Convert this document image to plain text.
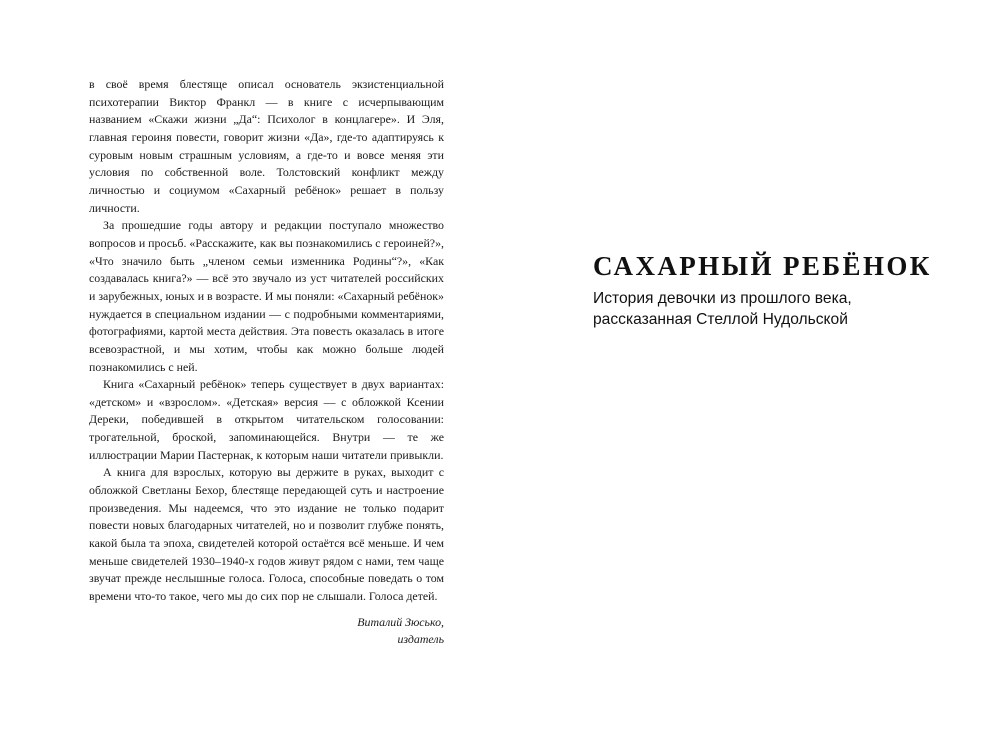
в своё время блестяще описал основатель экзистенциальной психотерапии Виктор Франкл — в книге с исчерпывающим названием «Скажи жизни „Да“: Психолог в концлагере». И Эля, главная героиня повести, говорит жизни «Да», где-то адаптируясь к суровым новым страшным условиям, а где-то и вовсе меняя эти условия по собственной воле. Толстовский конфликт между личностью и социумом «Сахарный ребёнок» решает в пользу личности.

За прошедшие годы автору и редакции поступало множество вопросов и просьб. «Расскажите, как вы познакомились с героиней?», «Что значило быть „членом семьи изменника Родины“?», «Как создавалась книга?» — всё это звучало из уст читателей российских и зарубежных, юных и в возрасте. И мы поняли: «Сахарный ребёнок» нуждается в специальном издании — с подробными комментариями, фотографиями, картой места действия. Эта повесть оказалась в итоге всевозрастной, и мы хотим, чтобы как можно больше людей познакомились с ней.

Книга «Сахарный ребёнок» теперь существует в двух вариантах: «детском» и «взрослом». «Детская» версия — с обложкой Ксении Дереки, победившей в открытом читательском голосовании: трогательной, броской, запоминающейся. Внутри — те же иллюстрации Марии Пастернак, к которым наши читатели привыкли.

А книга для взрослых, которую вы держите в руках, выходит с обложкой Светланы Бехор, блестяще передающей суть и настроение произведения. Мы надеемся, что это издание не только подарит повести новых благодарных читателей, но и позволит глубже понять, какой была та эпоха, свидетелей которой остаётся всё меньше. И чем меньше свидетелей 1930–1940-х годов живут рядом с нами, тем чаще звучат прежде неслышные голоса. Голоса, способные поведать о том времени что-то такое, чего мы до сих пор не слышали. Голоса детей.

Виталий Зюсько,
издатель
САХАРНЫЙ РЕБЁНОК
История девочки из прошлого века,
рассказанная Стеллой Нудольской
